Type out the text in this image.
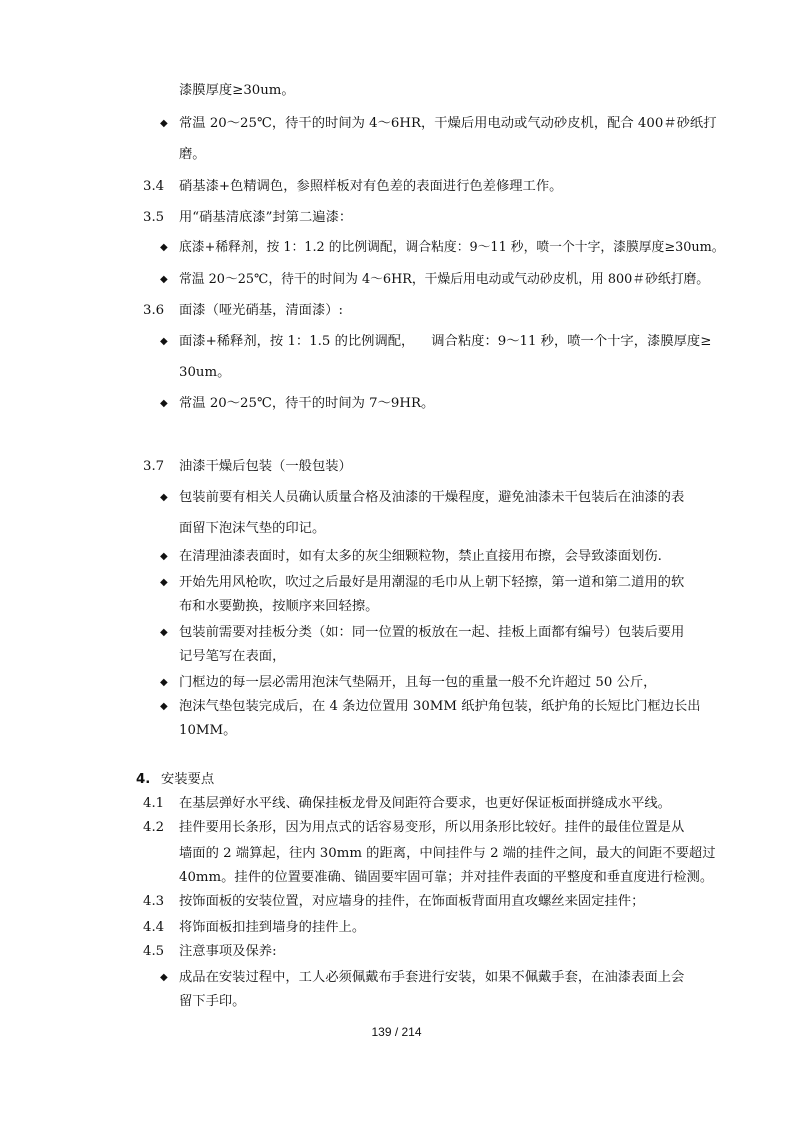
漆膜厚度≥30um。
◆ 常温 20～25℃，待干的时间为 4～6HR，干燥后用电动或气动砂皮机，配合 400＃砂纸打
磨。
3.4 硝基漆+色精调色，参照样板对有色差的表面进行色差修理工作。
3.5 用“硝基清底漆”封第二遍漆：
◆ 底漆+稀释剂，按 1：1.2 的比例调配，调合粘度：9～11 秒，喷一个十字，漆膜厚度≥30um。
◆ 常温 20～25℃，待干的时间为 4～6HR，干燥后用电动或气动砂皮机，用 800＃砂纸打磨。
3.6 面漆（哑光硝基，清面漆）:
◆ 面漆+稀释剂，按 1：1.5 的比例调配，    调合粘度：9～11 秒，喷一个十字，漆膜厚度≥
30um。
◆ 常温 20～25℃，待干的时间为 7～9HR。
3.7 油漆干燥后包装（一般包装）
◆ 包装前要有相关人员确认质量合格及油漆的干燥程度，避免油漆未干包装后在油漆的表
面留下泡沫气垫的印记。
◆ 在清理油漆表面时，如有太多的灰尘细颗粒物，禁止直接用布擦，会导致漆面划伤.
◆ 开始先用风枪吹，吹过之后最好是用潮湿的毛巾从上朝下轻擦，第一道和第二道用的软
布和水要勤换，按顺序来回轻擦。
◆ 包装前需要对挂板分类（如：同一位置的板放在一起、挂板上面都有编号）包装后要用
记号笔写在表面，
◆ 门框边的每一层必需用泡沫气垫隔开，且每一包的重量一般不允许超过 50 公斤，
◆ 泡沫气垫包装完成后，在 4 条边位置用 30MM 纸护角包装，纸护角的长短比门框边长出
10MM。
4. 安装要点
4.1 在基层弹好水平线、确保挂板龙骨及间距符合要求，也更好保证板面拼缝成水平线。
4.2 挂件要用长条形，因为用点式的话容易变形，所以用条形比较好。挂件的最佳位置是从
墙面的 2 端算起，往内 30mm 的距离，中间挂件与 2 端的挂件之间，最大的间距不要超过
40mm。挂件的位置要准确、锚固要牢固可靠；并对挂件表面的平整度和垂直度进行检测。
4.3 按饰面板的安装位置，对应墙身的挂件，在饰面板背面用直攻螺丝来固定挂件；
4.4 将饰面板扣挂到墙身的挂件上。
4.5 注意事项及保养:
◆ 成品在安装过程中，工人必须佩戴布手套进行安装，如果不佩戴手套，在油漆表面上会
留下手印。
139 / 214
